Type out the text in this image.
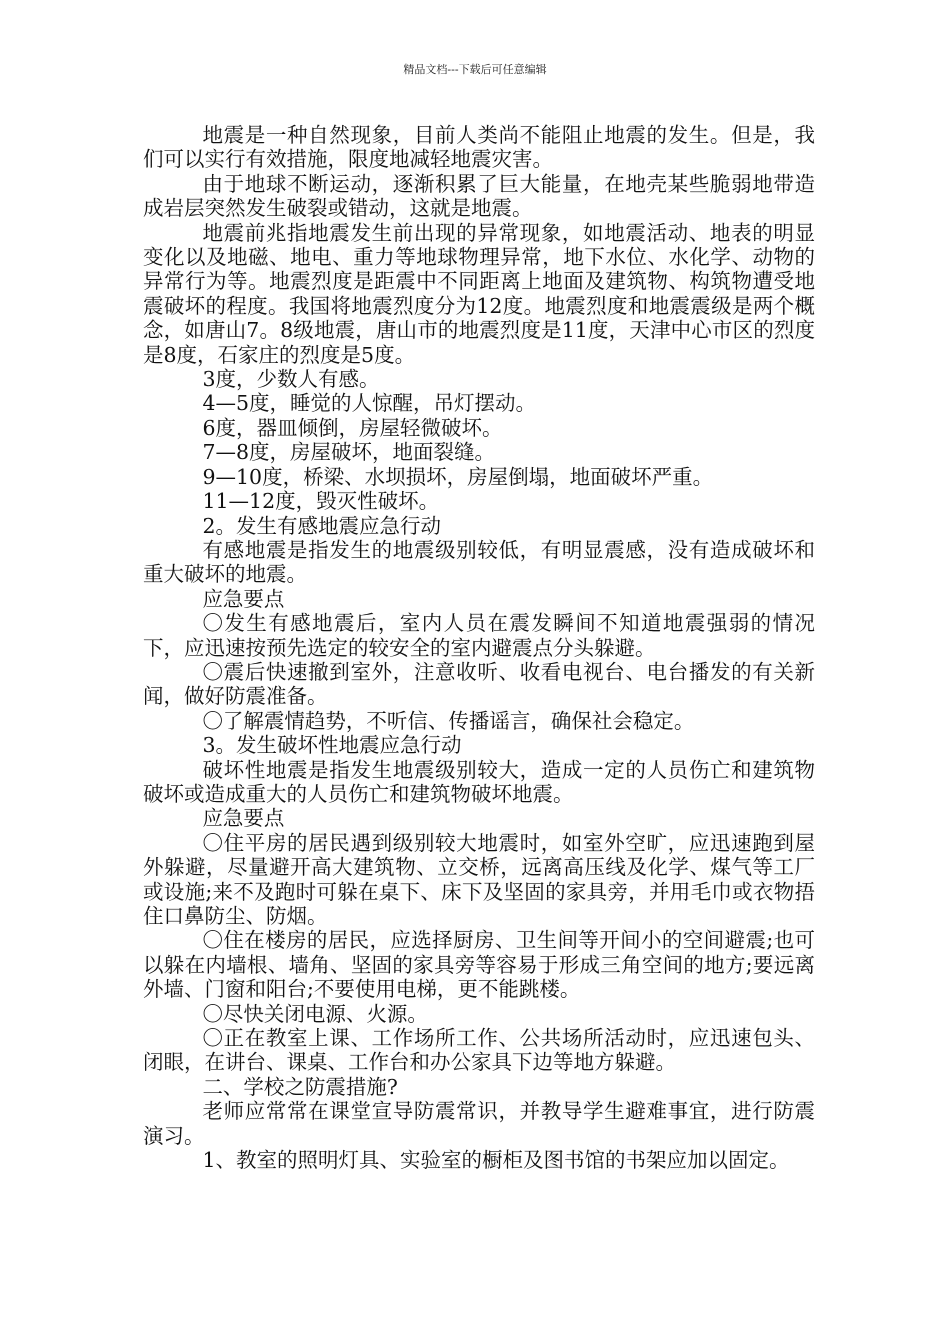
精品文档---下载后可任意编辑

地震是一种自然现象，目前人类尚不能阻止地震的发生。但是，我们可以实行有效措施，限度地减轻地震灾害。

由于地球不断运动，逐渐积累了巨大能量，在地壳某些脆弱地带造成岩层突然发生破裂或错动，这就是地震。

地震前兆指地震发生前出现的异常现象，如地震活动、地表的明显变化以及地磁、地电、重力等地球物理异常，地下水位、水化学、动物的异常行为等。地震烈度是距震中不同距离上地面及建筑物、构筑物遭受地震破坏的程度。我国将地震烈度分为12度。地震烈度和地震震级是两个概念，如唐山7。8级地震，唐山市的地震烈度是11度，天津中心市区的烈度是8度，石家庄的烈度是5度。

3度，少数人有感。

4—5度，睡觉的人惊醒，吊灯摆动。

6度，器皿倾倒，房屋轻微破坏。

7—8度，房屋破坏，地面裂缝。

9—10度，桥梁、水坝损坏，房屋倒塌，地面破坏严重。

11—12度，毁灭性破坏。

2。发生有感地震应急行动

有感地震是指发生的地震级别较低，有明显震感，没有造成破坏和重大破坏的地震。

应急要点

〇发生有感地震后，室内人员在震发瞬间不知道地震强弱的情况下，应迅速按预先选定的较安全的室内避震点分头躲避。

〇震后快速撤到室外，注意收听、收看电视台、电台播发的有关新闻，做好防震准备。

〇了解震情趋势，不听信、传播谣言，确保社会稳定。

3。发生破坏性地震应急行动

破坏性地震是指发生地震级别较大，造成一定的人员伤亡和建筑物破坏或造成重大的人员伤亡和建筑物破坏地震。

应急要点

〇住平房的居民遇到级别较大地震时，如室外空旷，应迅速跑到屋外躲避，尽量避开高大建筑物、立交桥，远离高压线及化学、煤气等工厂或设施;来不及跑时可躲在桌下、床下及坚固的家具旁，并用毛巾或衣物捂住口鼻防尘、防烟。

〇住在楼房的居民，应选择厨房、卫生间等开间小的空间避震;也可以躲在内墙根、墙角、坚固的家具旁等容易于形成三角空间的地方;要远离外墙、门窗和阳台;不要使用电梯，更不能跳楼。

〇尽快关闭电源、火源。

〇正在教室上课、工作场所工作、公共场所活动时，应迅速包头、闭眼，在讲台、课桌、工作台和办公家具下边等地方躲避。

二、学校之防震措施?

老师应常常在课堂宣导防震常识，并教导学生避难事宜，进行防震演习。

1、教室的照明灯具、实验室的橱柜及图书馆的书架应加以固定。
